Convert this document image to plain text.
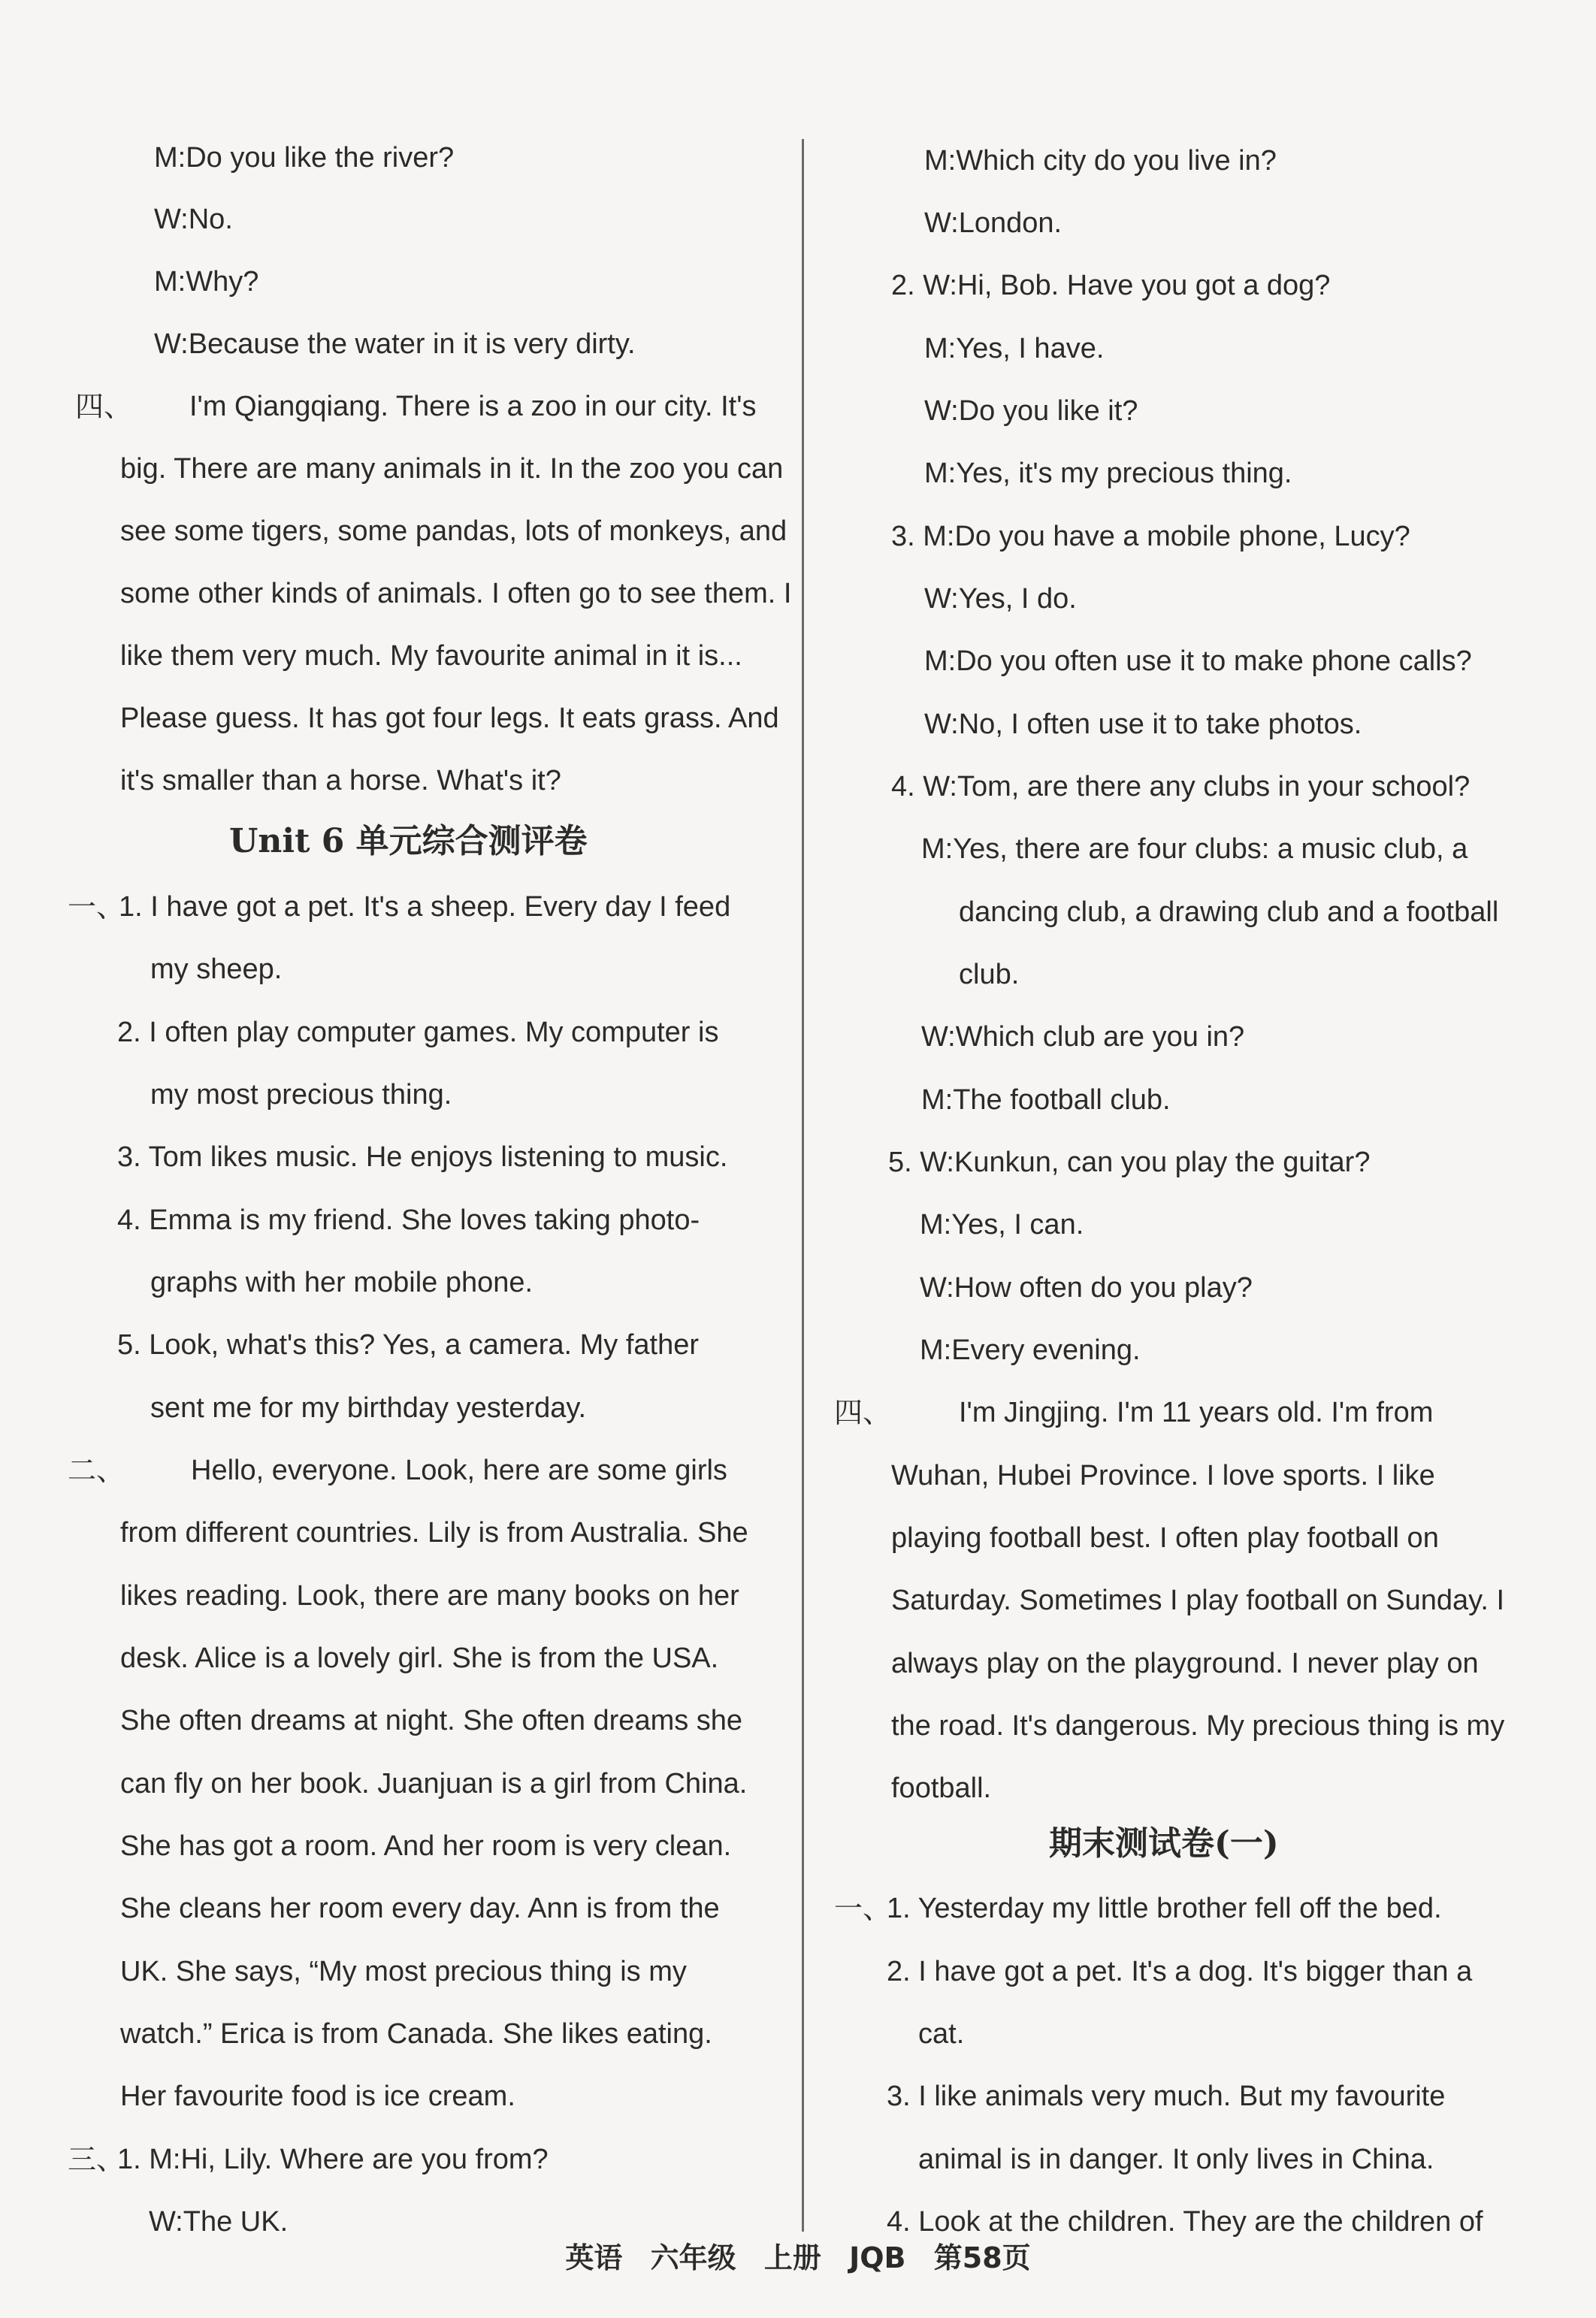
M:Do you like the river?
W:No.
M:Why?
W:Because the water in it is very dirty.
四、 I'm Qiangqiang. There is a zoo in our city. It's
big. There are many animals in it. In the zoo you can
see some tigers, some pandas, lots of monkeys, and
some other kinds of animals. I often go to see them. I
like them very much. My favourite animal in it is...
Please guess. It has got four legs. It eats grass. And
it's smaller than a horse. What's it?
Unit 6 单元综合测评卷
一、
1. I have got a pet. It's a sheep. Every day I feed
my sheep.
2. I often play computer games. My computer is
my most precious thing.
3. Tom likes music. He enjoys listening to music.
4. Emma is my friend. She loves taking photo-
graphs with her mobile phone.
5. Look, what's this? Yes, a camera. My father
sent me for my birthday yesterday.
二、 Hello, everyone. Look, here are some girls
from different countries. Lily is from Australia. She
likes reading. Look, there are many books on her
desk. Alice is a lovely girl. She is from the USA.
She often dreams at night. She often dreams she
can fly on her book. Juanjuan is a girl from China.
She has got a room. And her room is very clean.
She cleans her room every day. Ann is from the
UK. She says, “My most precious thing is my
watch.” Erica is from Canada. She likes eating.
Her favourite food is ice cream.
三、
1. M:Hi, Lily. Where are you from?
W:The UK.
M:Which city do you live in?
W:London.
2. W:Hi, Bob. Have you got a dog?
M:Yes, I have.
W:Do you like it?
M:Yes, it's my precious thing.
3. M:Do you have a mobile phone, Lucy?
W:Yes, I do.
M:Do you often use it to make phone calls?
W:No, I often use it to take photos.
4. W:Tom, are there any clubs in your school?
M:Yes, there are four clubs: a music club, a
dancing club, a drawing club and a football
club.
W:Which club are you in?
M:The football club.
5. W:Kunkun, can you play the guitar?
M:Yes, I can.
W:How often do you play?
M:Every evening.
四、 I'm Jingjing. I'm 11 years old. I'm from
Wuhan, Hubei Province. I love sports. I like
playing football best. I often play football on
Saturday. Sometimes I play football on Sunday. I
always play on the playground. I never play on
the road. It's dangerous. My precious thing is my
football.
期末测试卷(一)
一、
1. Yesterday my little brother fell off the bed.
2. I have got a pet. It's a dog. It's bigger than a
cat.
3. I like animals very much. But my favourite
animal is in danger. It only lives in China.
4. Look at the children. They are the children of
英语 六年级 上册 JQB 第58页
